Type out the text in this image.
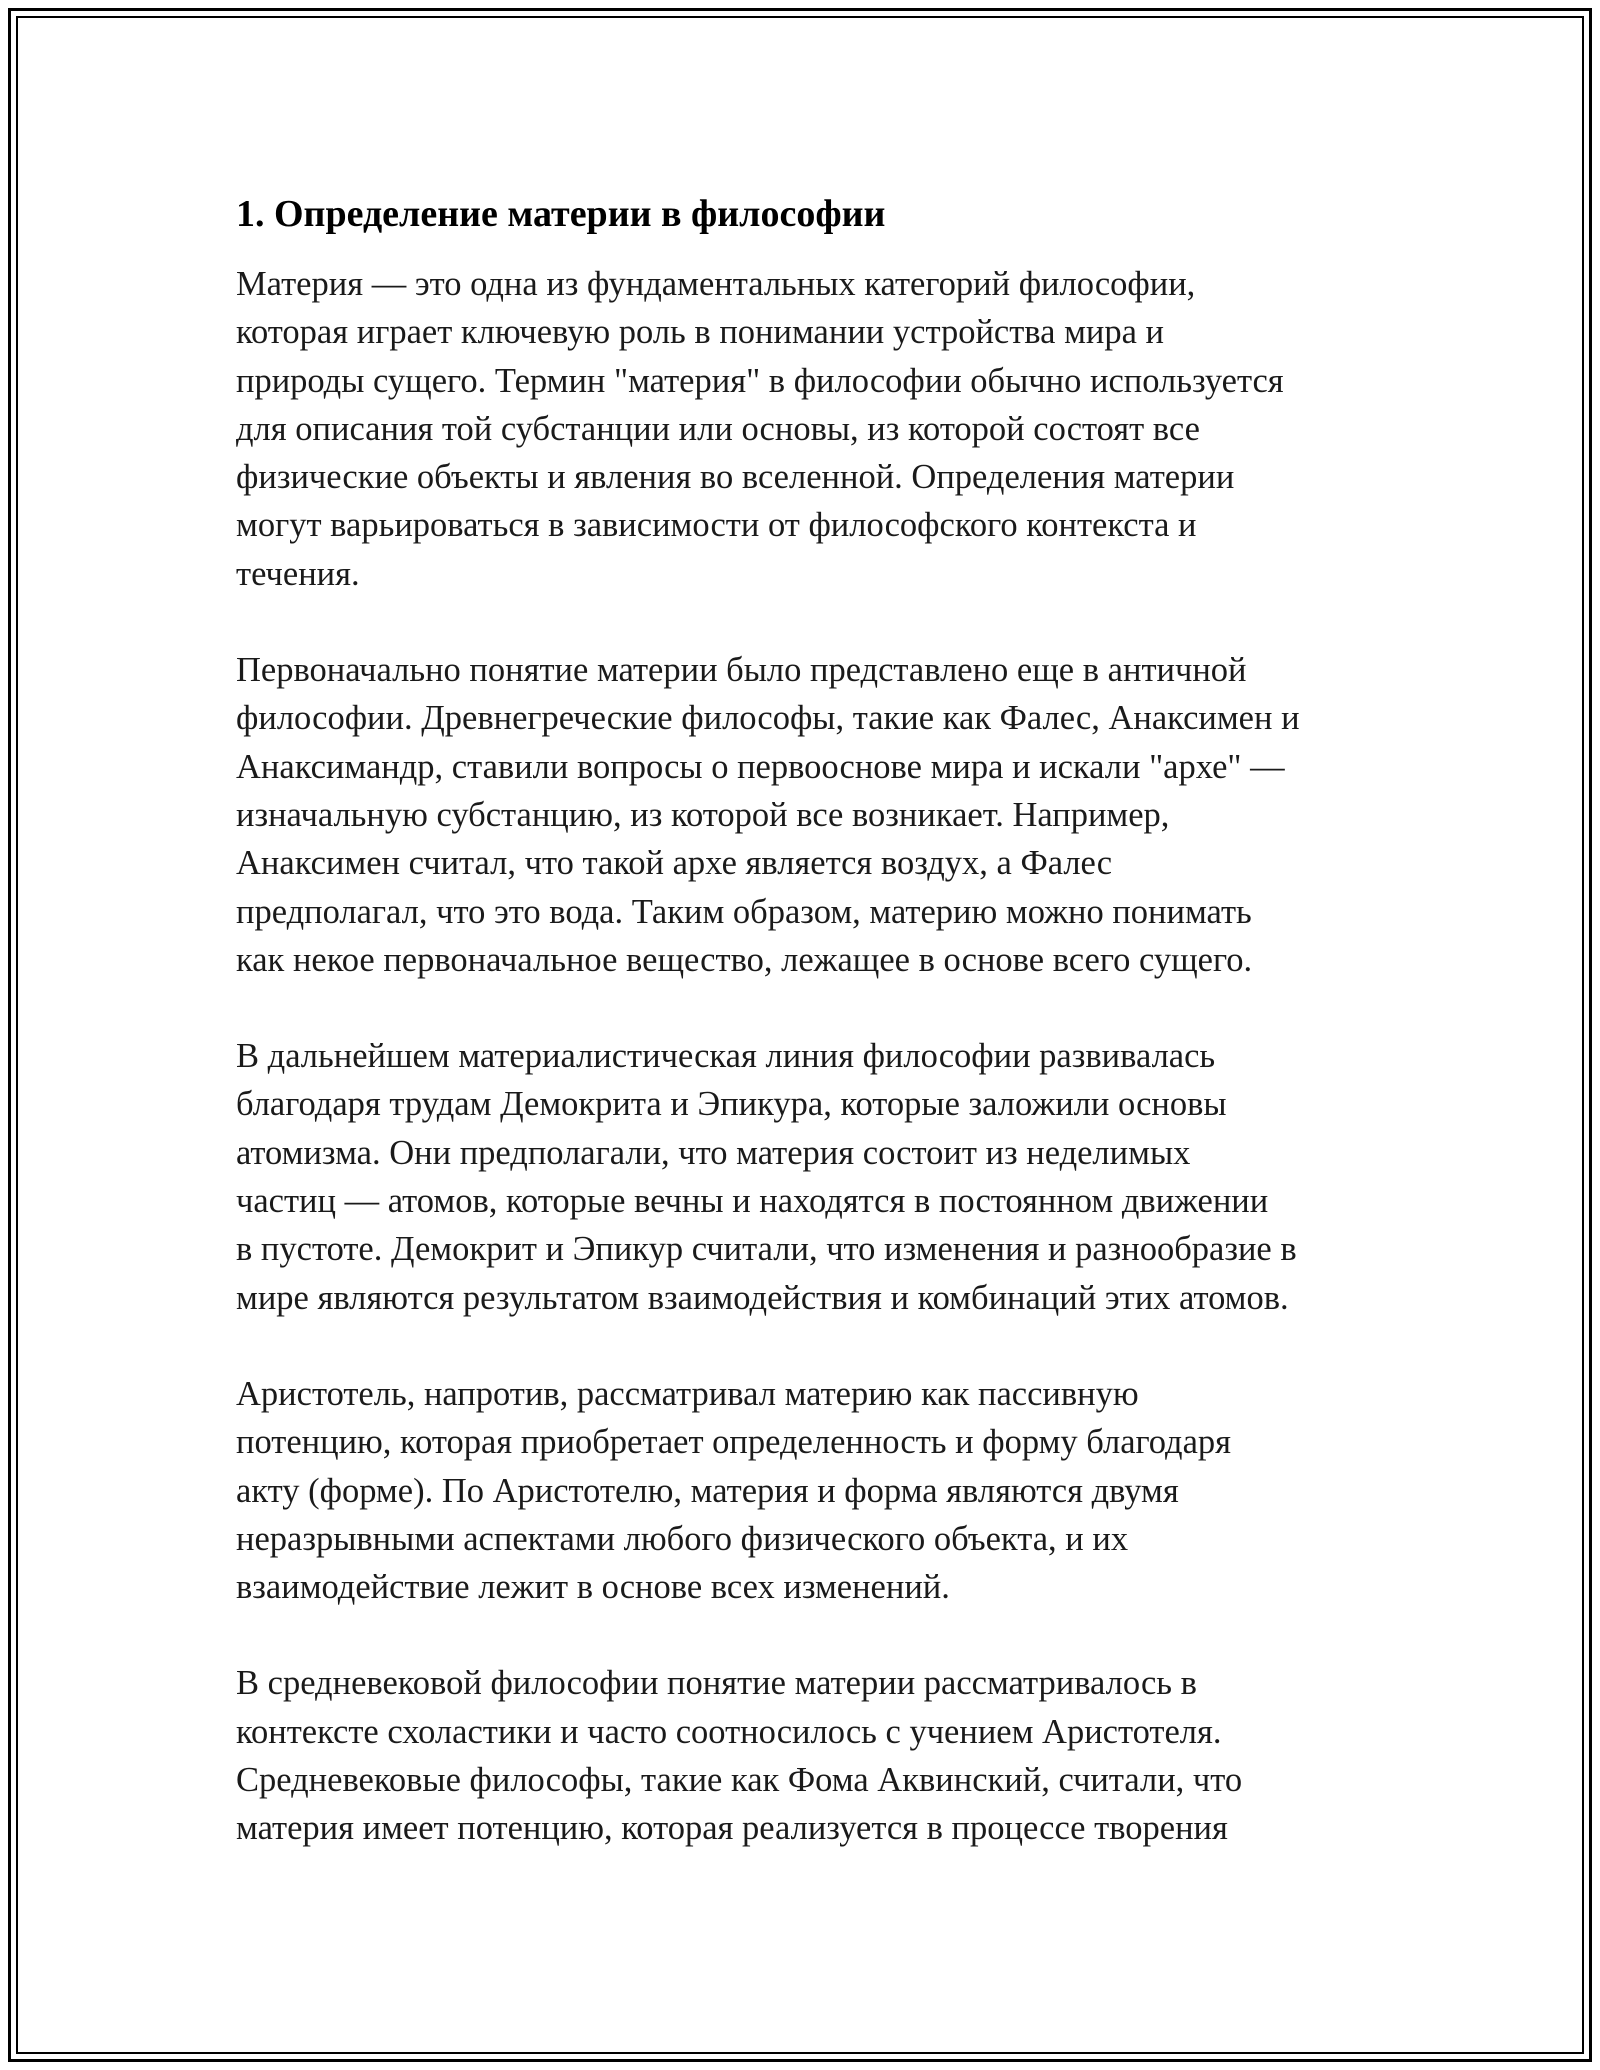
1. Определение материи в философии

Материя — это одна из фундаментальных категорий философии,
которая играет ключевую роль в понимании устройства мира и
природы сущего. Термин "материя" в философии обычно используется
для описания той субстанции или основы, из которой состоят все
физические объекты и явления во вселенной. Определения материи
могут варьироваться в зависимости от философского контекста и
течения.

Первоначально понятие материи было представлено еще в античной
философии. Древнегреческие философы, такие как Фалес, Анаксимен и
Анаксимандр, ставили вопросы о первооснове мира и искали "архе" —
изначальную субстанцию, из которой все возникает. Например,
Анаксимен считал, что такой архе является воздух, а Фалес
предполагал, что это вода. Таким образом, материю можно понимать
как некое первоначальное вещество, лежащее в основе всего сущего.

В дальнейшем материалистическая линия философии развивалась
благодаря трудам Демокрита и Эпикура, которые заложили основы
атомизма. Они предполагали, что материя состоит из неделимых
частиц — атомов, которые вечны и находятся в постоянном движении
в пустоте. Демокрит и Эпикур считали, что изменения и разнообразие в
мире являются результатом взаимодействия и комбинаций этих атомов.

Аристотель, напротив, рассматривал материю как пассивную
потенцию, которая приобретает определенность и форму благодаря
акту (форме). По Аристотелю, материя и форма являются двумя
неразрывными аспектами любого физического объекта, и их
взаимодействие лежит в основе всех изменений.

В средневековой философии понятие материи рассматривалось в
контексте схоластики и часто соотносилось с учением Аристотеля.
Средневековые философы, такие как Фома Аквинский, считали, что
материя имеет потенцию, которая реализуется в процессе творения
